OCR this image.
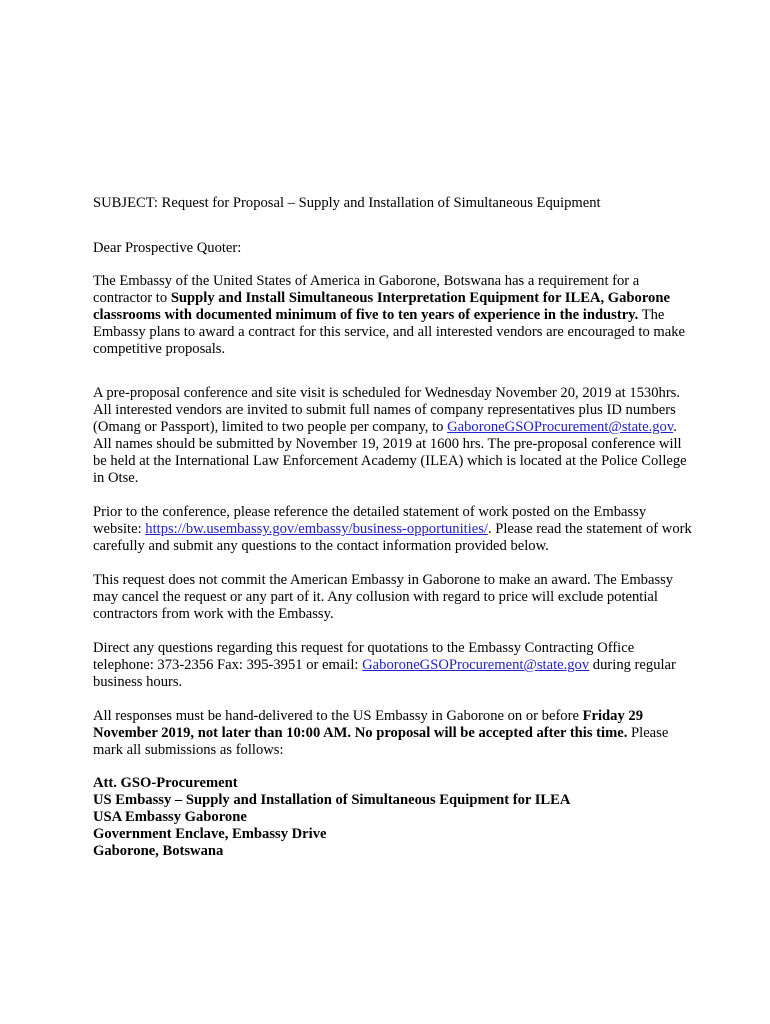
SUBJECT: Request for Proposal – Supply and Installation of Simultaneous Equipment

Dear Prospective Quoter:

The Embassy of the United States of America in Gaborone, Botswana has a requirement for a contractor to Supply and Install Simultaneous Interpretation Equipment for ILEA, Gaborone classrooms with documented minimum of five to ten years of experience in the industry. The Embassy plans to award a contract for this service, and all interested vendors are encouraged to make competitive proposals.

A pre-proposal conference and site visit is scheduled for Wednesday November 20, 2019 at 1530hrs. All interested vendors are invited to submit full names of company representatives plus ID numbers (Omang or Passport), limited to two people per company, to GaboroneGSOProcurement@state.gov. All names should be submitted by November 19, 2019 at 1600 hrs. The pre-proposal conference will be held at the International Law Enforcement Academy (ILEA) which is located at the Police College in Otse.

Prior to the conference, please reference the detailed statement of work posted on the Embassy website: https://bw.usembassy.gov/embassy/business-opportunities/. Please read the statement of work carefully and submit any questions to the contact information provided below.

This request does not commit the American Embassy in Gaborone to make an award. The Embassy may cancel the request or any part of it. Any collusion with regard to price will exclude potential contractors from work with the Embassy.

Direct any questions regarding this request for quotations to the Embassy Contracting Office telephone: 373-2356 Fax: 395-3951 or email: GaboroneGSOProcurement@state.gov during regular business hours.

All responses must be hand-delivered to the US Embassy in Gaborone on or before Friday 29 November 2019, not later than 10:00 AM. No proposal will be accepted after this time. Please mark all submissions as follows:

Att. GSO-Procurement
US Embassy – Supply and Installation of Simultaneous Equipment for ILEA
USA Embassy Gaborone
Government Enclave, Embassy Drive
Gaborone, Botswana
